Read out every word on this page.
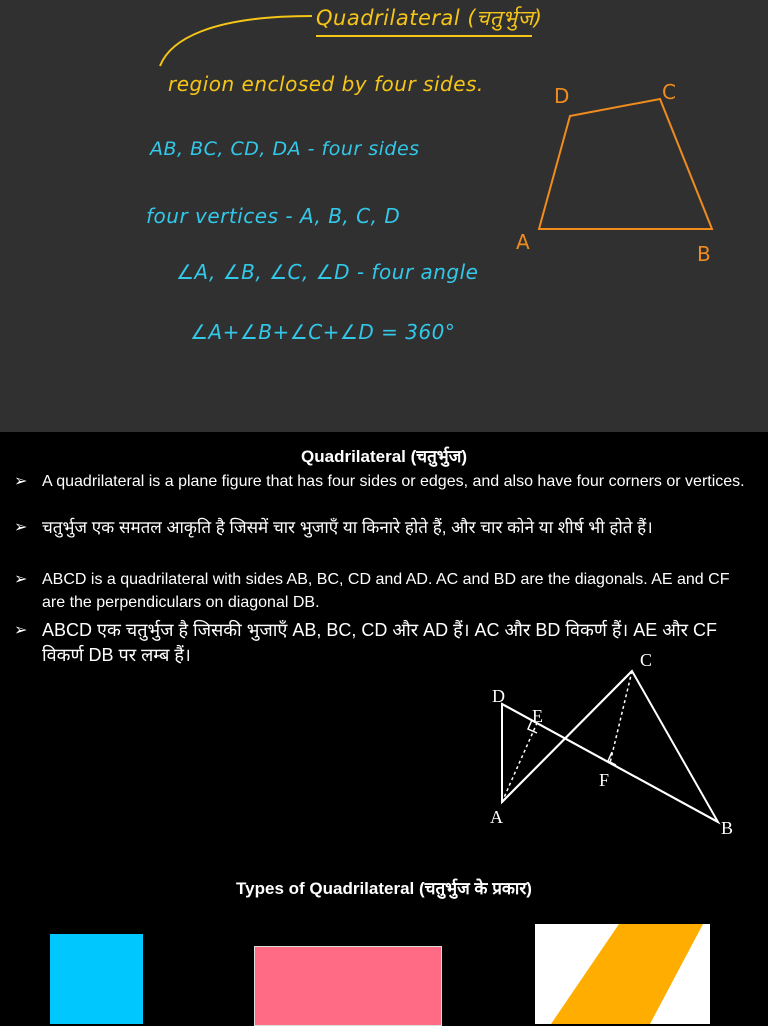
Quadrilateral (चतुर्भुज)
region enclosed by four sides.
AB, BC, CD, DA - four sides
four vertices - A, B, C, D
∠A, ∠B, ∠C, ∠D - four angle
∠A+∠B+∠C+∠D = 360°
D	C
A	B
Quadrilateral (चतुर्भुज)
➢ A quadrilateral is a plane figure that has four sides or edges, and also have four corners or vertices.
➢ चतुर्भुज एक समतल आकृति है जिसमें चार भुजाएँ या किनारे होते हैं, और चार कोने या शीर्ष भी होते हैं।
➢ ABCD is a quadrilateral with sides AB, BC, CD and AD. AC and BD are the diagonals. AE and CF are the perpendiculars on diagonal DB.
➢ ABCD एक चतुर्भुज है जिसकी भुजाएँ AB, BC, CD और AD हैं। AC और BD विकर्ण हैं। AE और CF विकर्ण DB पर लम्ब हैं।
D
E
C
F
A
B
Types of Quadrilateral (चतुर्भुज के प्रकार)
